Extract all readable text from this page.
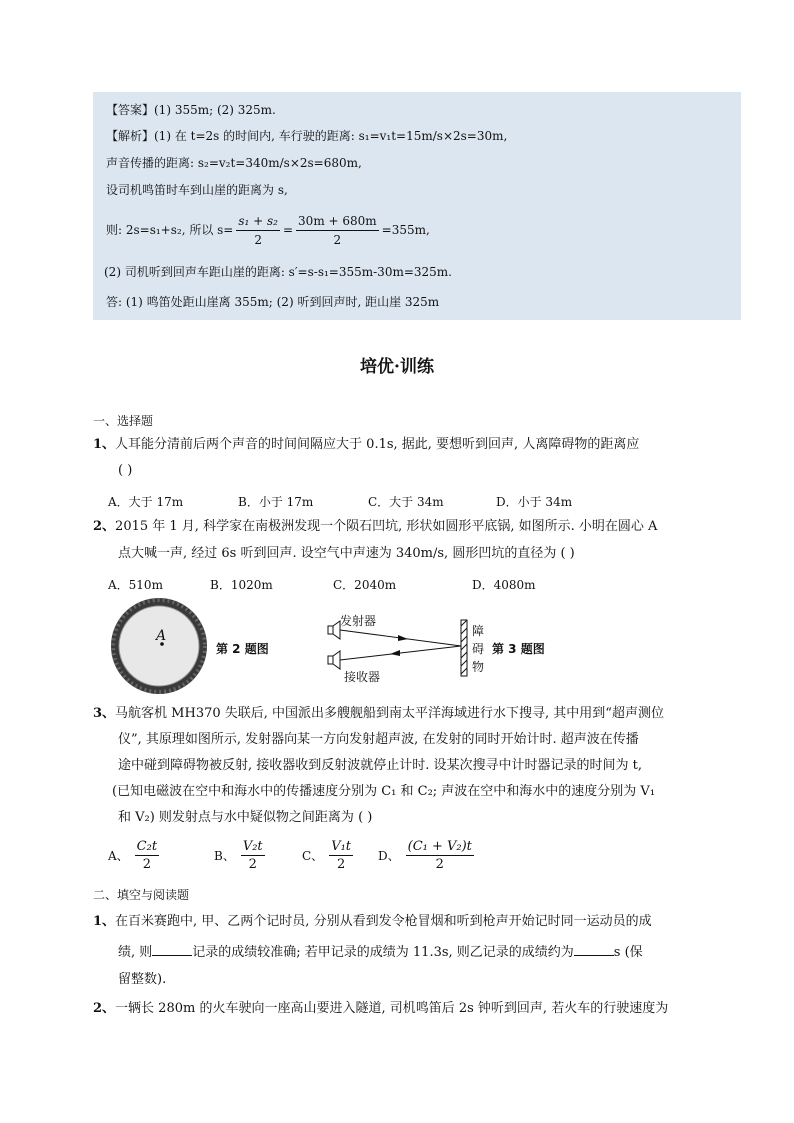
【答案】(1) 355m; (2) 325m.
【解析】(1) 在 t=2s 的时间内, 车行驶的距离: s₁=v₁t=15m/s×2s=30m,
声音传播的距离: s₂=v₂t=340m/s×2s=680m,
设司机鸣笛时车到山崖的距离为 s,
则: 2s=s₁+s₂, 所以 $s= \frac{\text{s₁ + s₂}}{2} = \frac{30m + 680m}{2} =355m$,
(2) 司机听到回声车距山崖的距离: s′=s-s₁=355m-30m=325m.
答: (1) 鸣笛处距山崖离 355m; (2) 听到回声时, 距山崖 325m
培优·训练
一、选择题
1、人耳能分清前后两个声音的时间间隔应大于 0.1s, 据此, 要想听到回声, 人离障碍物的距离应
( )
A．大于 17m	B．小于 17m	C．大于 34m	D．小于 34m
2、2015 年 1 月, 科学家在南极洲发现一个陨石凹坑, 形状如圆形平底锅, 如图所示. 小明在圆心 A
点大喊一声, 经过 6s 听到回声. 设空气中声速为 340m/s, 圆形凹坑的直径为 ( )
A．510m	B．1020m	C．2040m	D．4080m
A
第 2 题图
发射器
接收器
障
碍
物
第 3 题图
3、马航客机 MH370 失联后, 中国派出多艘舰船到南太平洋海域进行水下搜寻, 其中用到“超声测位
仪”, 其原理如图所示, 发射器向某一方向发射超声波, 在发射的同时开始计时. 超声波在传播
途中碰到障碍物被反射, 接收器收到反射波就停止计时. 设某次搜寻中计时器记录的时间为 t,
(已知电磁波在空中和海水中的传播速度分别为 C₁ 和 C₂; 声波在空中和海水中的速度分别为 V₁
和 V₂) 则发射点与水中疑似物之间距离为 ( )
A、 $\frac{\text{C₂t}}{2}$	B、 $\frac{\text{V₂t}}{2}$	C、 $\frac{\text{V₁t}}{2}$ D、 $\frac{\text{(C₁ + V₂)t}}{2}$
二、填空与阅读题
1、在百米赛跑中, 甲、乙两个记时员, 分别从看到发令枪冒烟和听到枪声开始记时同一运动员的成
绩, 则	记录的成绩较准确; 若甲记录的成绩为 11.3s, 则乙记录的成绩约为	s (保
留整数).
2、一辆长 280m 的火车驶向一座高山要进入隧道, 司机鸣笛后 2s 钟听到回声, 若火车的行驶速度为
